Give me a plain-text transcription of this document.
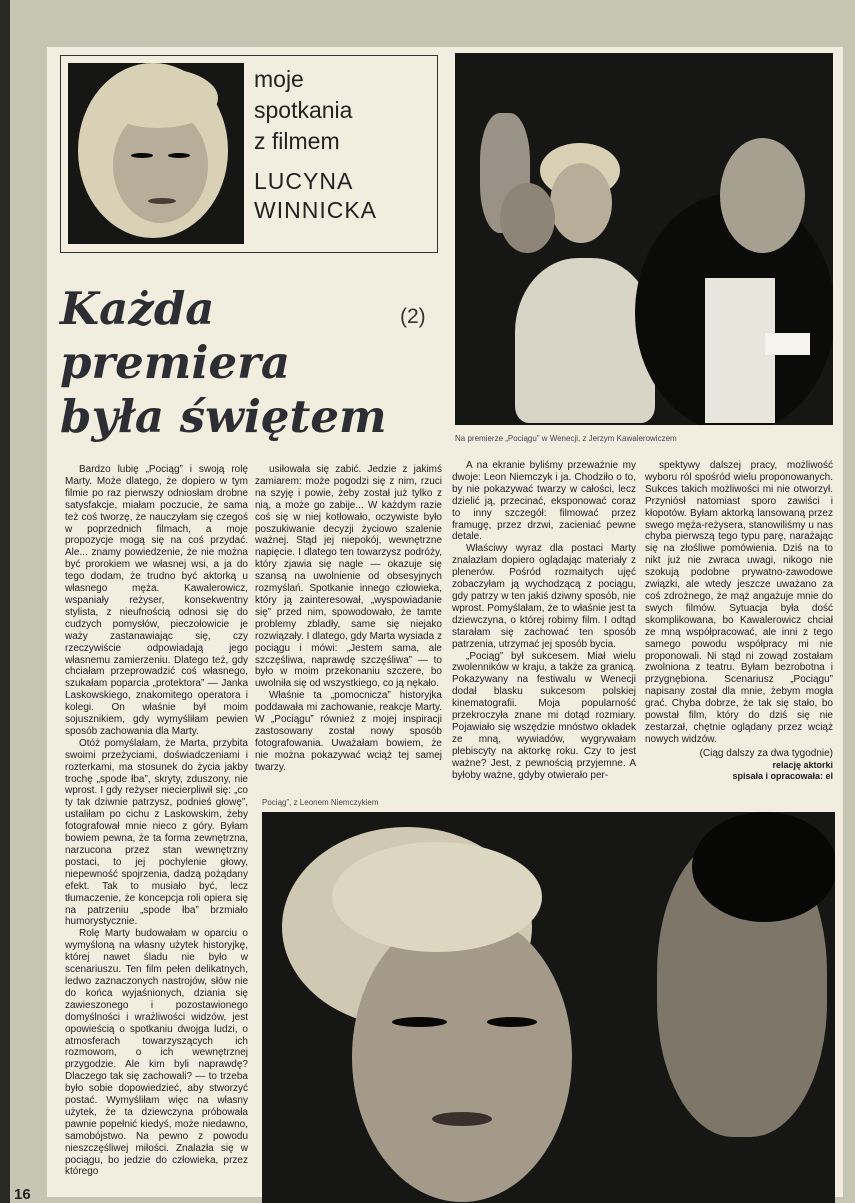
moje
spotkania
z filmem
LUCYNA
WINNICKA
Każda
premiera
była świętem
(2)
Na premierze „Pociągu” w Wenecji, z Jerzym Kawalerowiczem

Bardzo lubię „Pociąg” i swoją rolę Marty. Może dlatego, że dopiero w tym filmie po raz pierwszy odniosłam drobne satysfakcje, miałam poczucie, że sama też coś tworzę, że nauczyłam się czegoś w poprzednich filmach, a moje propozycje mogą się na coś przydać. Ale... znamy powiedzenie, że nie można być prorokiem we własnej wsi, a ja do tego dodam, że trudno być aktorką u własnego męża. Kawalerowicz, wspaniały reżyser, konsekwentny stylista, z nieufnością odnosi się do cudzych pomysłów, pieczołowicie je waży zastanawiając się, czy rzeczywiście odpowiadają jego własnemu zamierzeniu. Dlatego też, gdy chciałam przeprowadzić coś własnego, szukałam poparcia „protektora” — Janka Laskowskiego, znakomitego operatora i kolegi. On właśnie był moim sojusznikiem, gdy wymyśliłam pewien sposób zachowania dla Marty.

Otóż pomyślałam, że Marta, przybita swoimi przeżyciami, doświadczeniami i rozterkami, ma stosunek do życia jakby trochę „spode łba”, skryty, zduszony, nie wprost. I gdy reżyser niecierpliwił się: „co ty tak dziwnie patrzysz, podnieś głowę”, ustaliłam po cichu z Laskowskim, żeby fotografował mnie nieco z góry. Byłam bowiem pewna, że ta forma zewnętrzna, narzucona przez stan wewnętrzny postaci, to jej pochylenie głowy, niepewność spojrzenia, dadzą pożądany efekt. Tak to musiało być, lecz tłumaczenie, że koncepcja roli opiera się na patrzeniu „spode łba” brzmiało humorystycznie.

Rolę Marty budowałam w oparciu o wymyśloną na własny użytek historyjkę, której nawet śladu nie było w scenariuszu. Ten film pełen delikatnych, ledwo zaznaczonych nastrojów, słów nie do końca wyjaśnionych, dziania się zawieszonego i pozostawionego domyślności i wrażliwości widzów, jest opowieścią o spotkaniu dwojga ludzi, o atmosferach towarzyszących ich rozmowom, o ich wewnętrznej przygodzie. Ale kim byli naprawdę? Dlaczego tak się zachowali? — to trzeba było sobie dopowiedzieć, aby stworzyć postać. Wymyśliłam więc na własny użytek, że ta dziewczyna próbowała pawnie popełnić kiedyś, może niedawno, samobójstwo. Na pewno z powodu nieszczęśliwej miłości. Znalazła się w pociągu, bo jedzie do człowieka, przez którego

usiłowała się zabić. Jedzie z jakimś zamiarem: może pogodzi się z nim, rzuci na szyję i powie, żeby został już tylko z nią, a może go zabije... W każdym razie coś się w niej kotłowało, oczywiste było poszukiwanie decyzji życiowo szalenie ważnej. Stąd jej niepokój, wewnętrzne napięcie. I dlatego ten towarzysz podróży, który zjawia się nagle — okazuje się szansą na uwolnienie od obsesyjnych rozmyślań. Spotkanie innego człowieka, który ją zainteresował, „wyspowiadanie się” przed nim, spowodowało, że tamte problemy zbladły, same się niejako rozwiązały. I dlatego, gdy Marta wysiada z pociągu i mówi: „Jestem sama, ale szczęśliwa, naprawdę szczęśliwa” — to było w moim przekonaniu szczere, bo uwolniła się od wszystkiego, co ją nękało.

Właśnie ta „pomocnicza” historyjka poddawała mi zachowanie, reakcje Marty. W „Pociągu” również z mojej inspiracji zastosowany został nowy sposób fotografowania. Uważałam bowiem, że nie można pokazywać wciąż tej samej twarzy.

A na ekranie byliśmy przeważnie my dwoje: Leon Niemczyk i ja. Chodziło o to, by nie pokazywać twarzy w całości, lecz dzielić ją, przecinać, eksponować coraz to inny szczegół: filmować przez framugę, przez drzwi, zacieniać pewne detale.

Właściwy wyraz dla postaci Marty znalazłam dopiero oglądając materiały z plenerów. Pośród rozmaitych ujęć zobaczyłam ją wychodzącą z pociągu, gdy patrzy w ten jakiś dziwny sposób, nie wprost. Pomyślałam, że to właśnie jest ta dziewczyna, o której robimy film. I odtąd starałam się zachować ten sposób patrzenia, utrzymać jej sposób bycia.

„Pociąg” był sukcesem. Miał wielu zwolenników w kraju, a także za granicą. Pokazywany na festiwalu w Wenecji dodał blasku sukcesom polskiej kinematografii. Moja popularność przekroczyła znane mi dotąd rozmiary. Pojawiało się wszędzie mnóstwo okładek ze mną, wywiadów, wygrywałam plebiscyty na aktorkę roku. Czy to jest ważne? Jest, z pewnością przyjemne. A byłoby ważne, gdyby otwierało per-

spektywy dalszej pracy, możliwość wyboru ról spośród wielu proponowanych. Sukces takich możliwości mi nie otworzył. Przyniósł natomiast sporo zawiści i kłopotów. Byłam aktorką lansowaną przez swego męża-reżysera, stanowiliśmy u nas chyba pierwszą tego typu parę, narażając się na złośliwe pomówienia. Dziś na to nikt już nie zwraca uwagi, nikogo nie szokują podobne prywatno-zawodowe związki, ale wtedy jeszcze uważano za coś zdrożnego, że mąż angażuje mnie do swych filmów. Sytuacja była dość skomplikowana, bo Kawalerowicz chciał ze mną współpracować, ale inni z tego samego powodu współpracy mi nie proponowali. Ni stąd ni zowąd zostałam zwolniona z teatru. Byłam bezrobotna i przygnębiona. Scenariusz „Pociągu” napisany został dla mnie, żebym mogła grać. Chyba dobrze, że tak się stało, bo powstał film, który do dziś się nie zestarzał, chętnie oglądany przez wciąż nowych widzów.

(Ciąg dalszy za dwa tygodnie)
relację aktorki
spisała i opracowała: el
Pociąg”, z Leonem Niemczykiem
16
